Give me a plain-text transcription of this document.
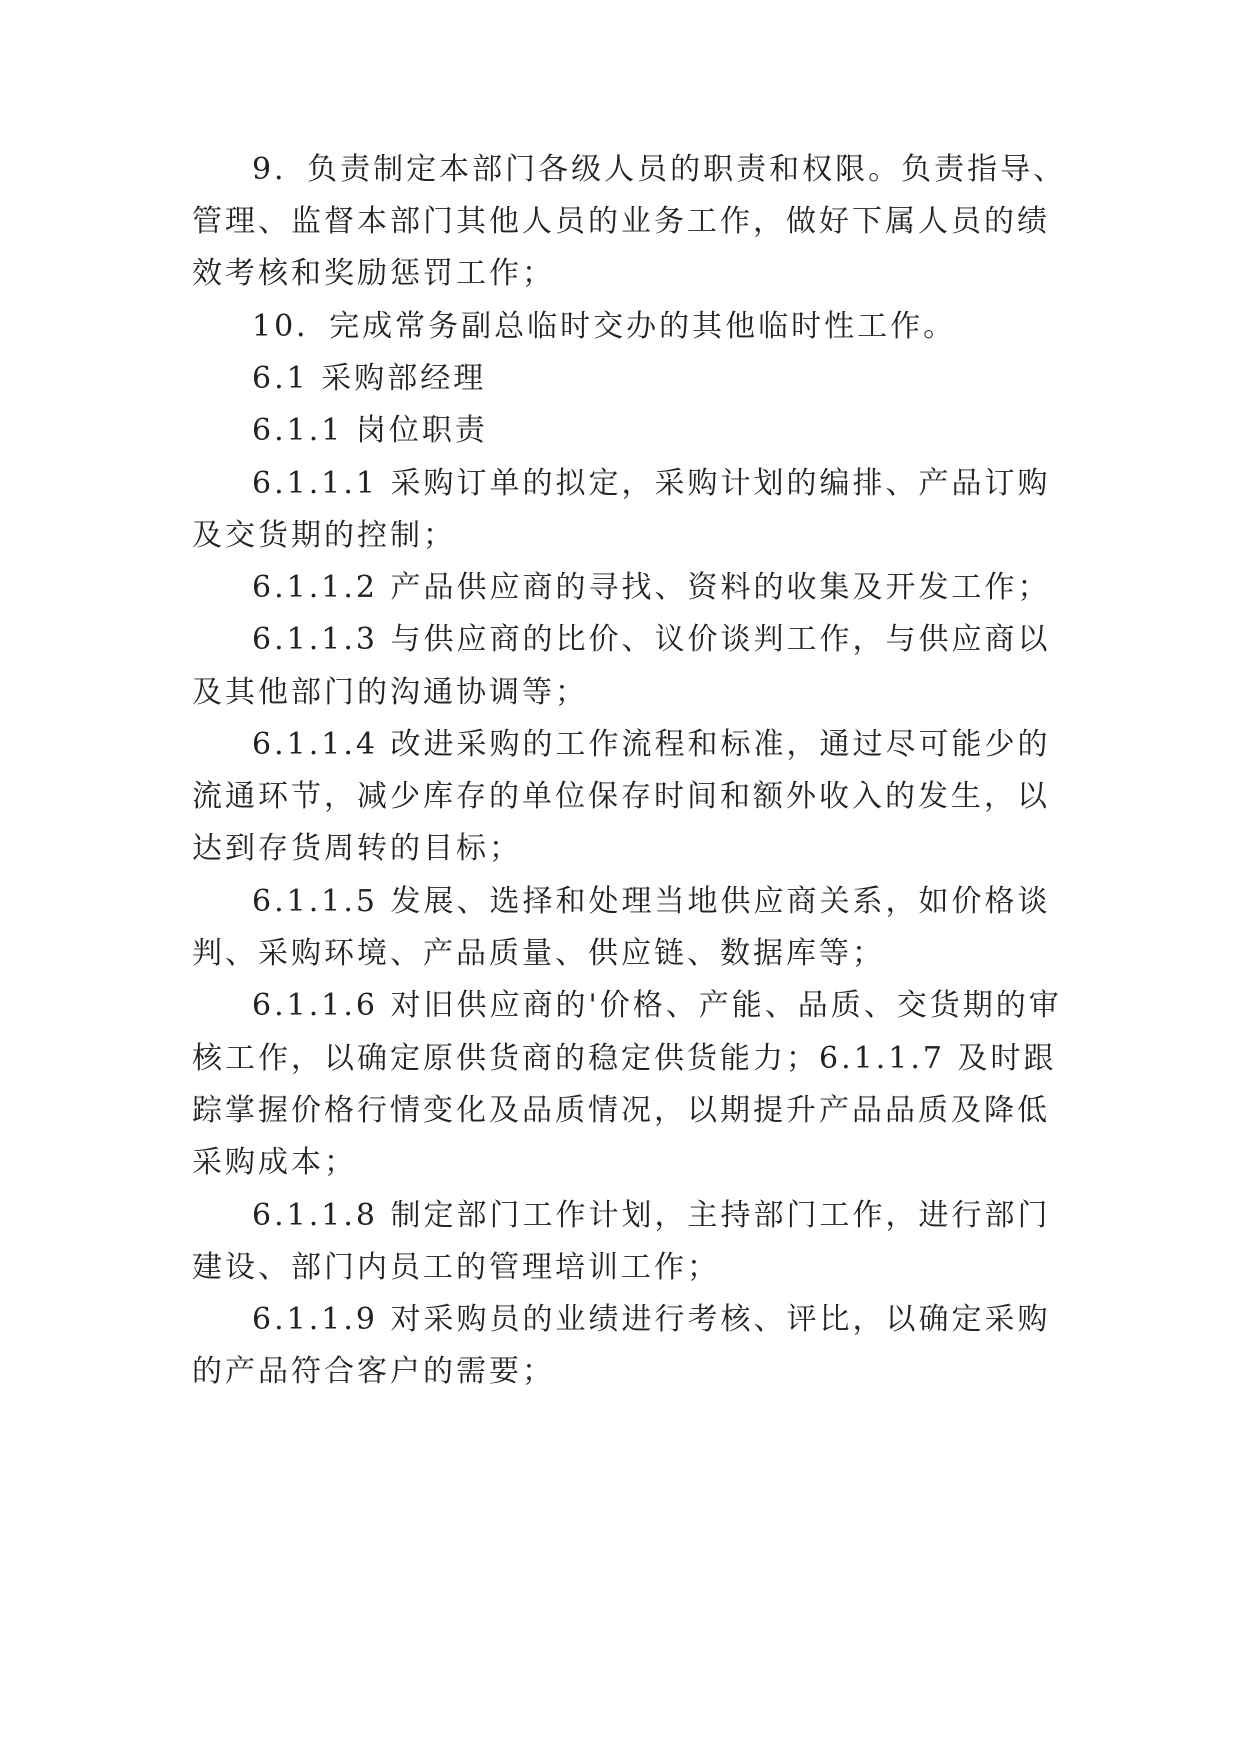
9．负责制定本部门各级人员的职责和权限。负责指导、
管理、监督本部门其他人员的业务工作，做好下属人员的绩
效考核和奖励惩罚工作；
10．完成常务副总临时交办的其他临时性工作。
6.1 采购部经理
6.1.1 岗位职责
6.1.1.1 采购订单的拟定，采购计划的编排、产品订购
及交货期的控制；
6.1.1.2 产品供应商的寻找、资料的收集及开发工作；
6.1.1.3 与供应商的比价、议价谈判工作，与供应商以
及其他部门的沟通协调等；
6.1.1.4 改进采购的工作流程和标准，通过尽可能少的
流通环节，减少库存的单位保存时间和额外收入的发生，以
达到存货周转的目标；
6.1.1.5 发展、选择和处理当地供应商关系，如价格谈
判、采购环境、产品质量、供应链、数据库等；
6.1.1.6 对旧供应商的'价格、产能、品质、交货期的审
核工作，以确定原供货商的稳定供货能力；6.1.1.7 及时跟
踪掌握价格行情变化及品质情况，以期提升产品品质及降低
采购成本；
6.1.1.8 制定部门工作计划，主持部门工作，进行部门
建设、部门内员工的管理培训工作；
6.1.1.9 对采购员的业绩进行考核、评比，以确定采购
的产品符合客户的需要；
